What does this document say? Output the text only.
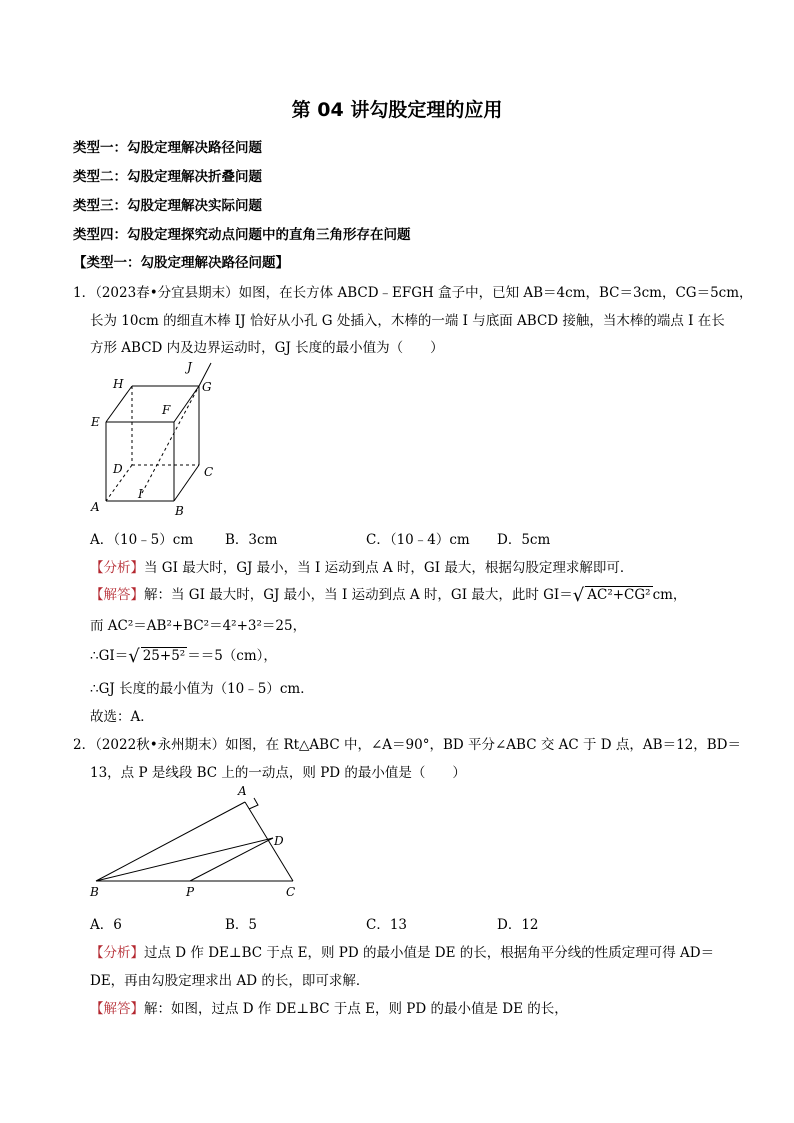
第 04 讲勾股定理的应用
类型一：勾股定理解决路径问题
类型二：勾股定理解决折叠问题
类型三：勾股定理解决实际问题
类型四：勾股定理探究动点问题中的直角三角形存在问题
【类型一：勾股定理解决路径问题】
1．（2023春•分宜县期末）如图，在长方体 ABCD﹣EFGH 盒子中，已知 AB＝4cm，BC＝3cm，CG＝5cm，
长为 10cm 的细直木棒 IJ 恰好从小孔 G 处插入，木棒的一端 I 与底面 ABCD 接触，当木棒的端点 I 在长
方形 ABCD 内及边界运动时，GJ 长度的最小值为（　　）
H
J
G
F
E
D	C
A
I
B
A．（10﹣5）cm B．3cm	C．（10﹣4）cm D．5cm
【分析】当 GI 最大时，GJ 最小，当 I 运动到点 A 时，GI 最大，根据勾股定理求解即可．
【解答】解：当 GI 最大时，GJ 最小，当 I 运动到点 A 时，GI 最大，此时 GI＝√ AC²+CG² cm，
而 AC²＝AB²+BC²＝4²+3²＝25，
∴GI＝√ 25+5² ＝＝5（cm），
∴GJ 长度的最小值为（10﹣5）cm．
故选：A．
2．（2022秋•永州期末）如图，在 Rt△ABC 中，∠A＝90°，BD 平分∠ABC 交 AC 于 D 点，AB＝12，BD＝
13，点 P 是线段 BC 上的一动点，则 PD 的最小值是（　　）
A
D
B	P	C
A．6	B．5	C．13	D．12
【分析】过点 D 作 DE⊥BC 于点 E，则 PD 的最小值是 DE 的长，根据角平分线的性质定理可得 AD＝
DE，再由勾股定理求出 AD 的长，即可求解．
【解答】解：如图，过点 D 作 DE⊥BC 于点 E，则 PD 的最小值是 DE 的长，
